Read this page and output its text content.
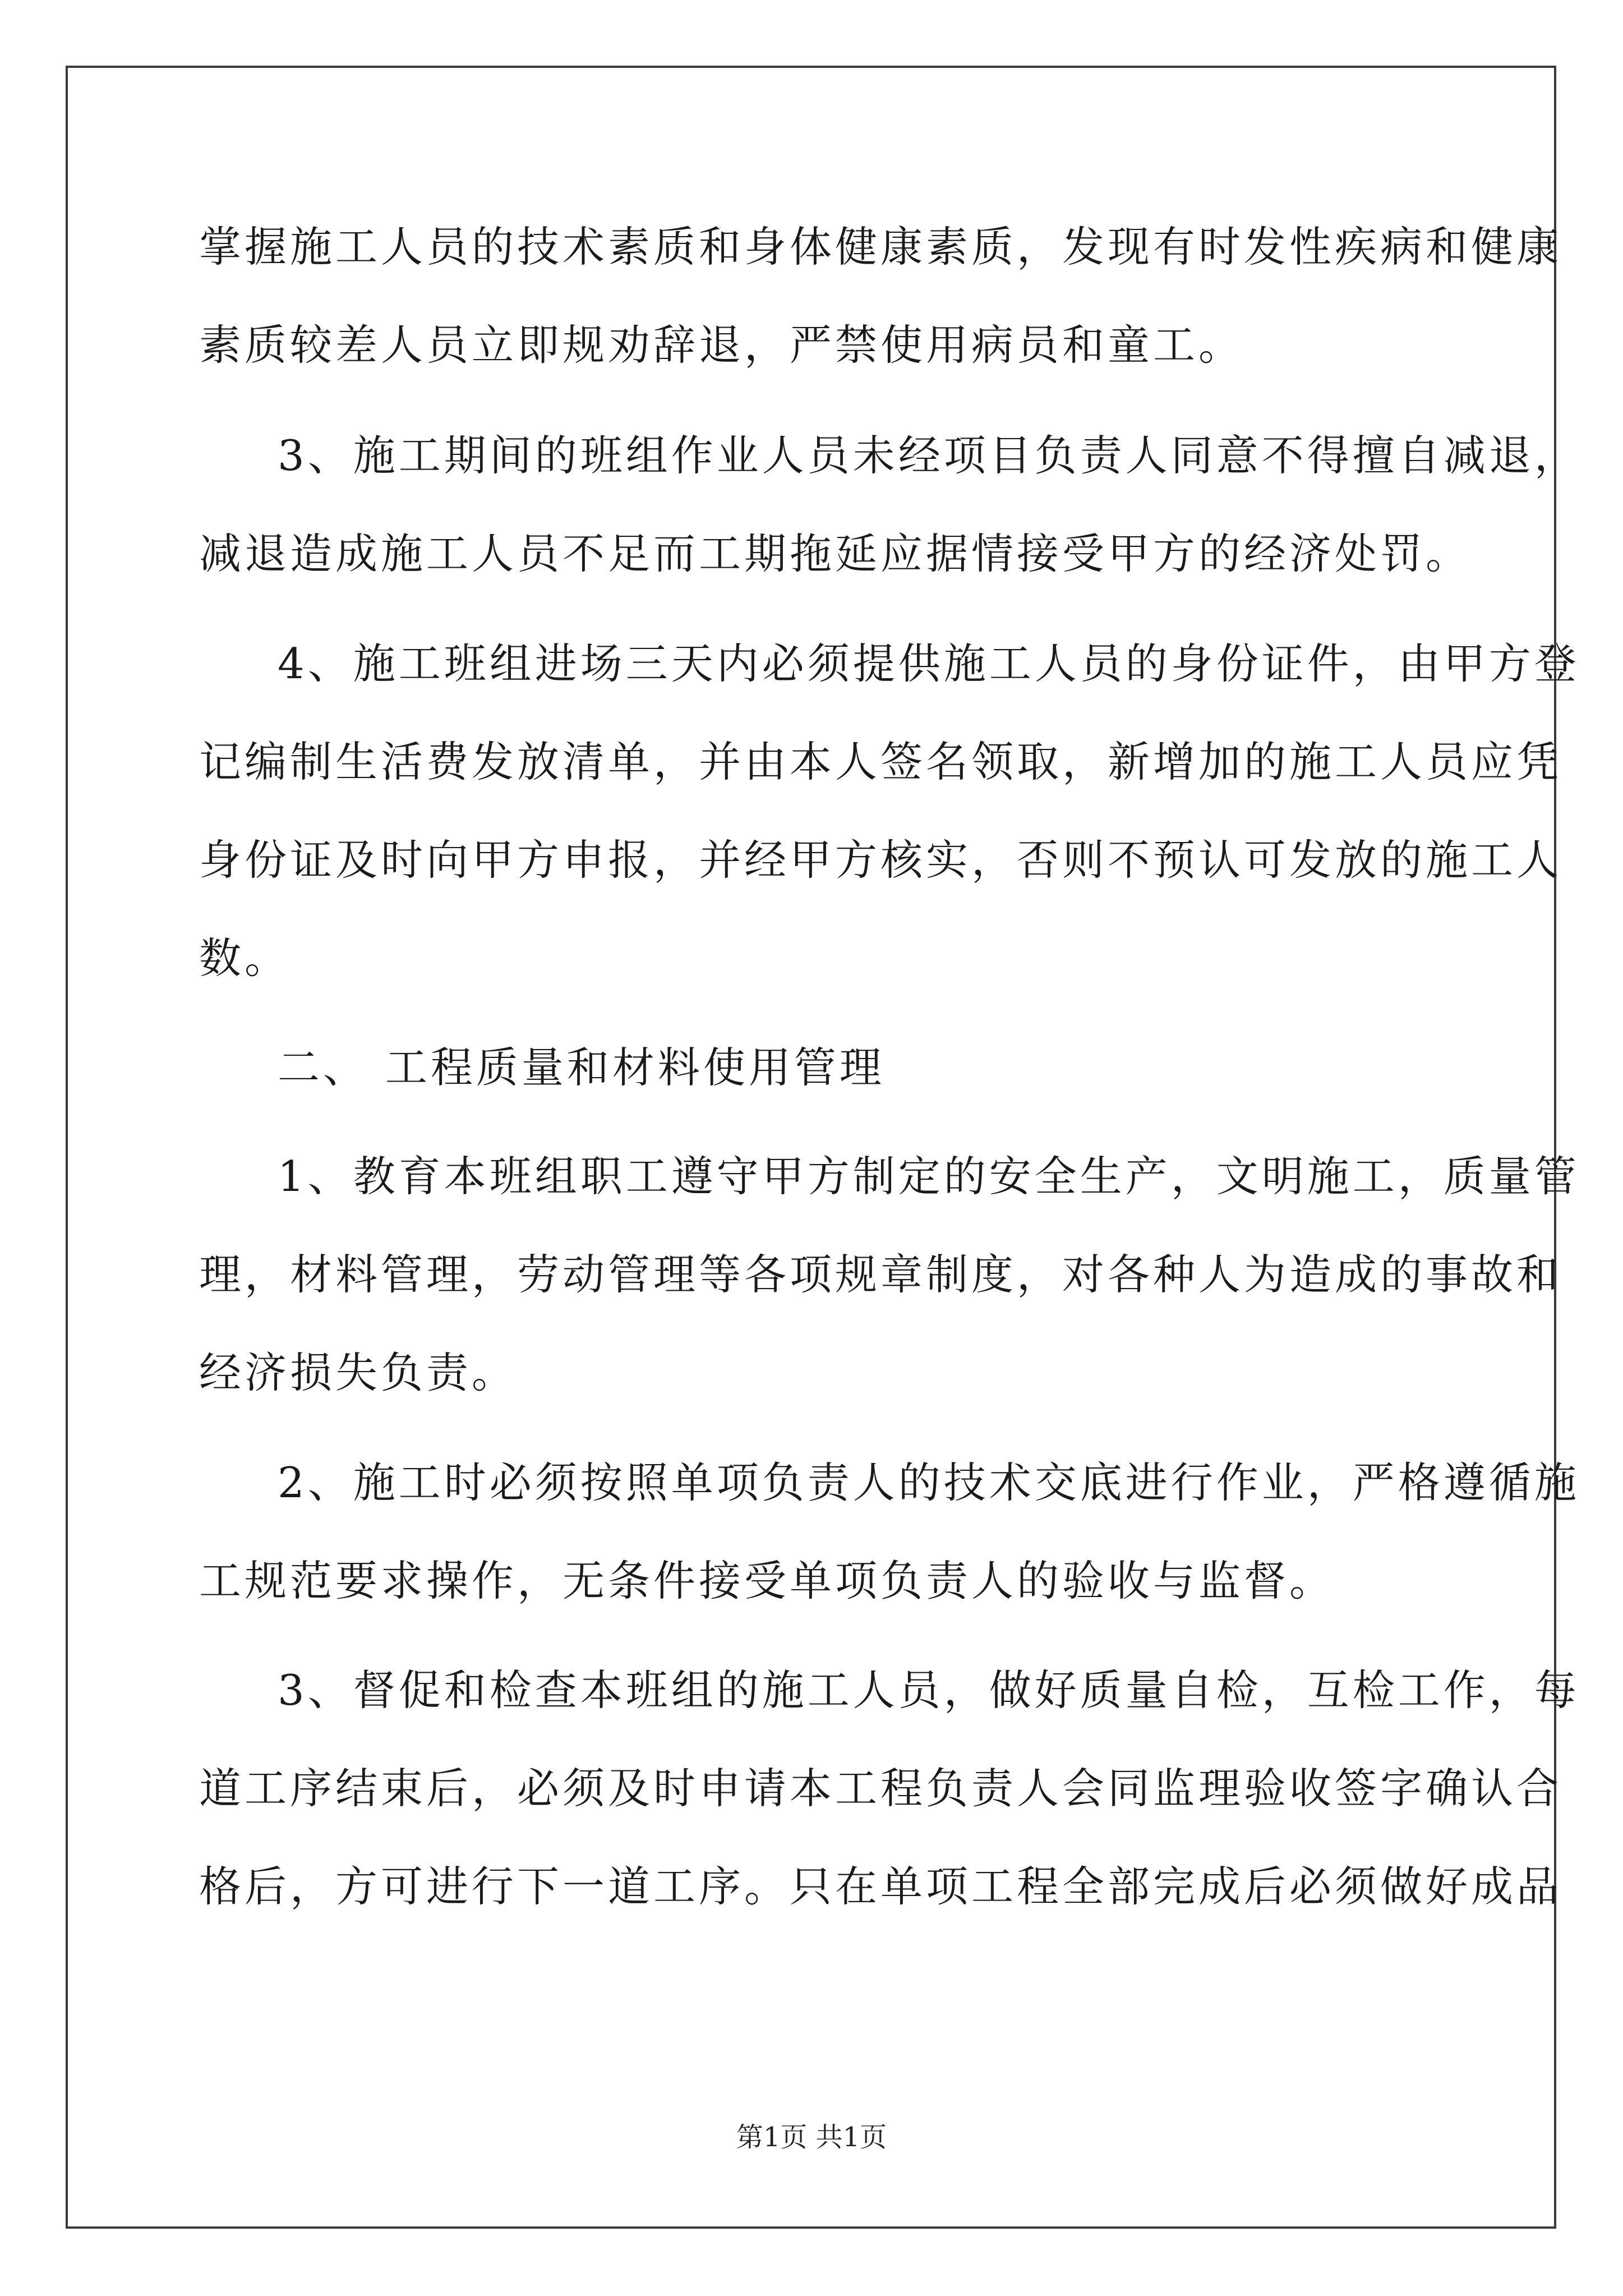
掌握施工人员的技术素质和身体健康素质，发现有时发性疾病和健康
素质较差人员立即规劝辞退，严禁使用病员和童工。
3、施工期间的班组作业人员未经项目负责人同意不得擅自减退，
减退造成施工人员不足而工期拖延应据情接受甲方的经济处罚。
4、施工班组进场三天内必须提供施工人员的身份证件，由甲方登
记编制生活费发放清单，并由本人签名领取，新增加的施工人员应凭
身份证及时向甲方申报，并经甲方核实，否则不预认可发放的施工人
数。
二、 工程质量和材料使用管理
1、教育本班组职工遵守甲方制定的安全生产，文明施工，质量管
理，材料管理，劳动管理等各项规章制度，对各种人为造成的事故和
经济损失负责。
2、施工时必须按照单项负责人的技术交底进行作业，严格遵循施
工规范要求操作，无条件接受单项负责人的验收与监督。
3、督促和检查本班组的施工人员，做好质量自检，互检工作，每
道工序结束后，必须及时申请本工程负责人会同监理验收签字确认合
格后，方可进行下一道工序。只在单项工程全部完成后必须做好成品
第1页 共1页
